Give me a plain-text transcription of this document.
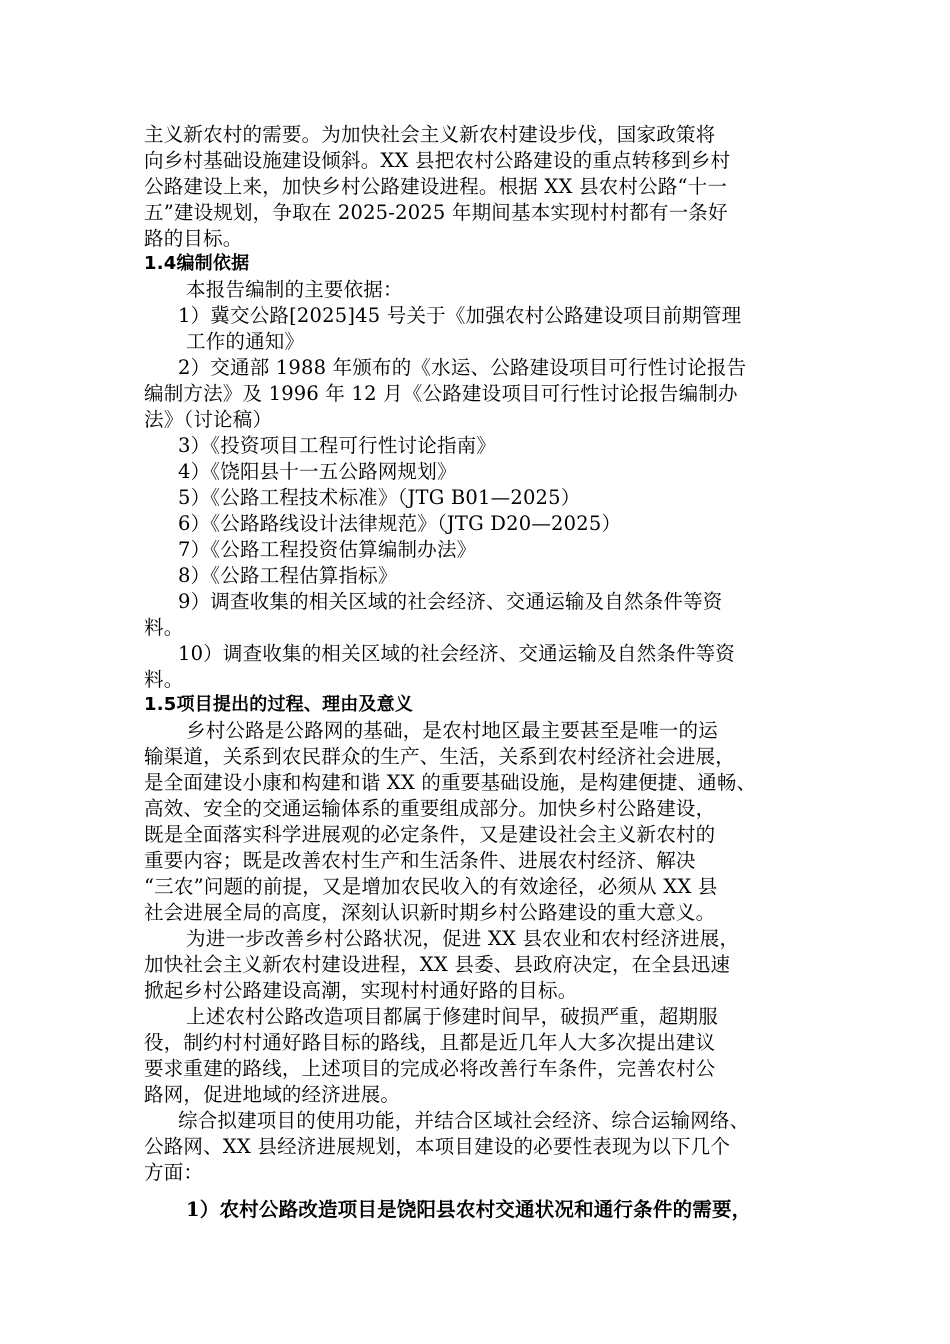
主义新农村的需要。为加快社会主义新农村建设步伐，国家政策将

向乡村基础设施建设倾斜。XX 县把农村公路建设的重点转移到乡村

公路建设上来，加快乡村公路建设进程。根据 XX 县农村公路“十一

五”建设规划，争取在 2025-2025 年期间基本实现村村都有一条好

路的目标。

1.4编制依据

本报告编制的主要依据：

1）冀交公路[2025]45 号关于《加强农村公路建设项目前期管理

工作的通知》

2）交通部 1988 年颁布的《水运、公路建设项目可行性讨论报告

编制方法》及 1996 年 12 月《公路建设项目可行性讨论报告编制办

法》（讨论稿）

3）《投资项目工程可行性讨论指南》

4）《饶阳县十一五公路网规划》

5）《公路工程技术标准》（JTG B01—2025）

6）《公路路线设计法律规范》（JTG D20—2025）

7）《公路工程投资估算编制办法》

8）《公路工程估算指标》

9）调查收集的相关区域的社会经济、交通运输及自然条件等资

料。

10）调查收集的相关区域的社会经济、交通运输及自然条件等资

料。

1.5项目提出的过程、理由及意义

乡村公路是公路网的基础，是农村地区最主要甚至是唯一的运

输渠道，关系到农民群众的生产、生活，关系到农村经济社会进展，

是全面建设小康和构建和谐 XX 的重要基础设施，是构建便捷、通畅、

高效、安全的交通运输体系的重要组成部分。加快乡村公路建设，

既是全面落实科学进展观的必定条件，又是建设社会主义新农村的

重要内容；既是改善农村生产和生活条件、进展农村经济、解决

“三农”问题的前提，又是增加农民收入的有效途径，必须从 XX 县

社会进展全局的高度，深刻认识新时期乡村公路建设的重大意义。

为进一步改善乡村公路状况，促进 XX 县农业和农村经济进展，

加快社会主义新农村建设进程，XX 县委、县政府决定，在全县迅速

掀起乡村公路建设高潮，实现村村通好路的目标。

上述农村公路改造项目都属于修建时间早，破损严重，超期服

役，制约村村通好路目标的路线，且都是近几年人大多次提出建议

要求重建的路线，上述项目的完成必将改善行车条件，完善农村公

路网，促进地域的经济进展。

综合拟建项目的使用功能，并结合区域社会经济、综合运输网络、

公路网、XX 县经济进展规划，本项目建设的必要性表现为以下几个

方面：

1）农村公路改造项目是饶阳县农村交通状况和通行条件的需要，
